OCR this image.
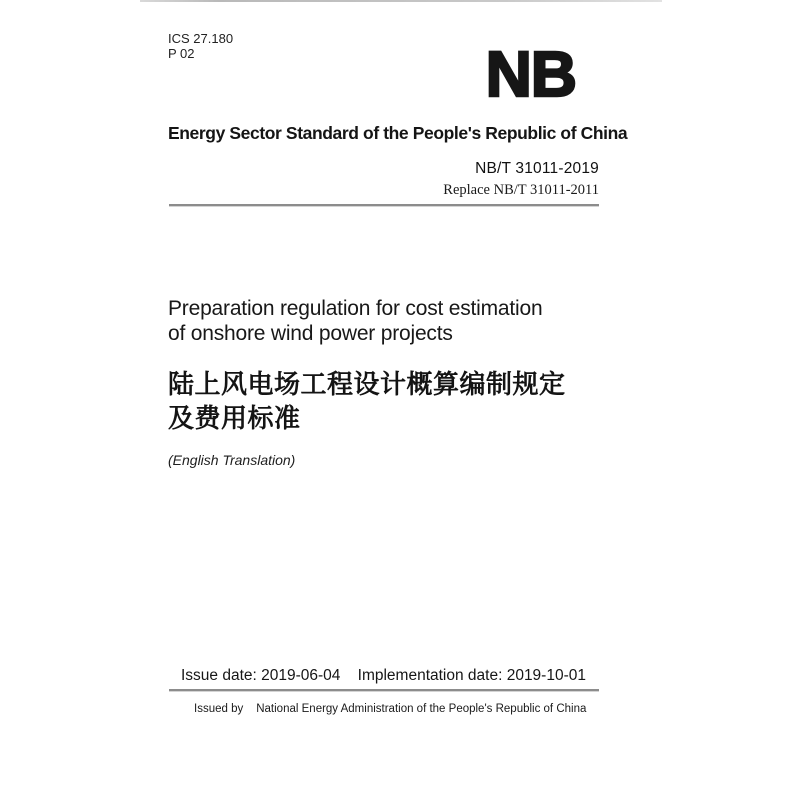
ICS 27.180
P 02	NB
Energy Sector Standard of the People's Republic of China
NB/T 31011-2019
Replace NB/T 31011-2011
Preparation regulation for cost estimation
of onshore wind power projects
陆上风电场工程设计概算编制规定
及费用标准
(English Translation)
Issue date: 2019-06-04 Implementation date: 2019-10-01
Issued by National Energy Administration of the People's Republic of China
